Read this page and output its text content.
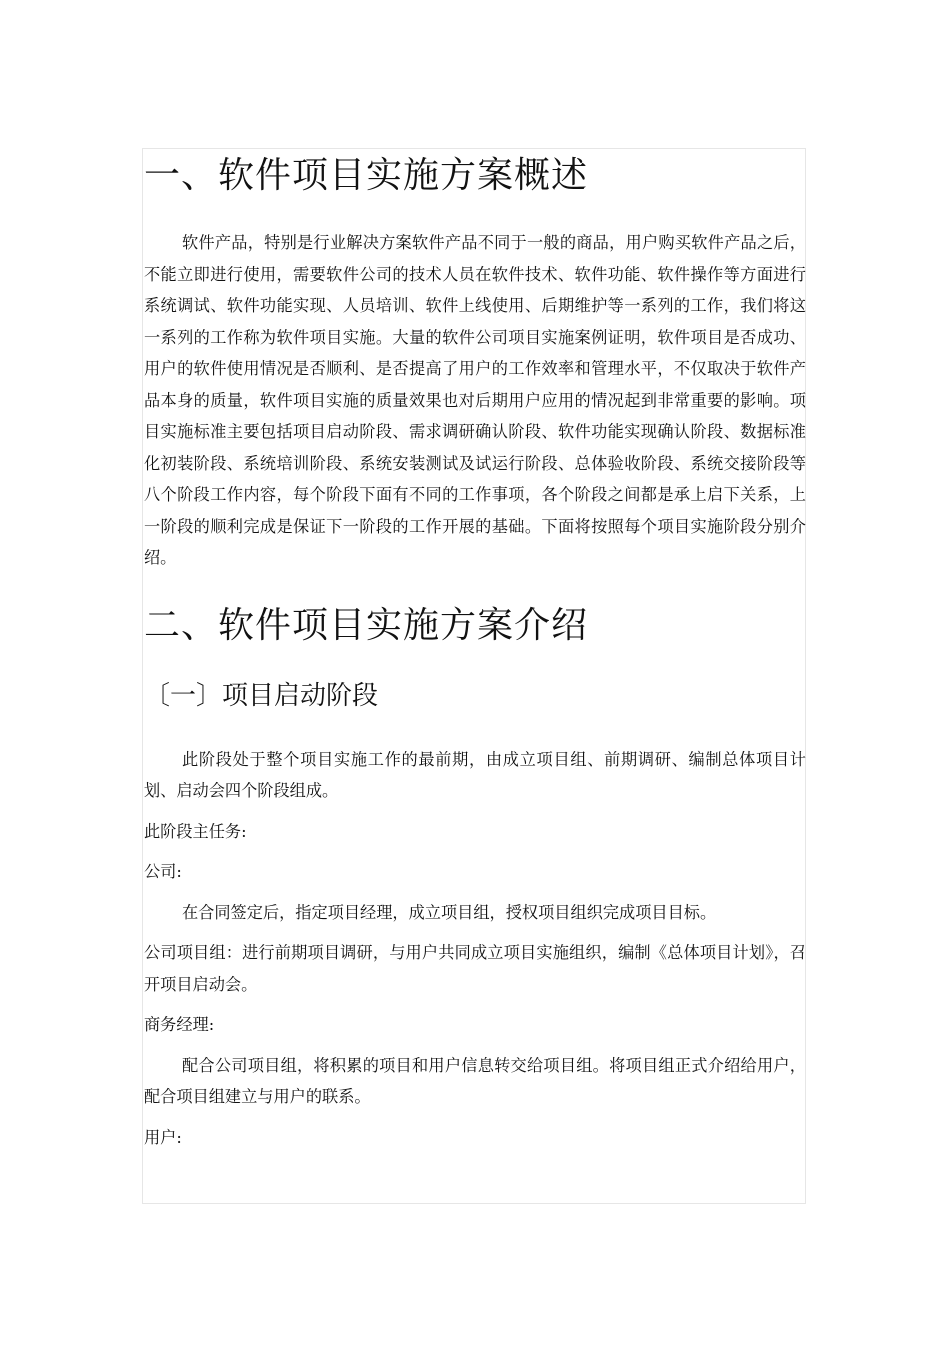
一、软件项目实施方案概述

软件产品，特别是行业解决方案软件产品不同于一般的商品，用户购买软件产品之后，不能立即进行使用，需要软件公司的技术人员在软件技术、软件功能、软件操作等方面进行系统调试、软件功能实现、人员培训、软件上线使用、后期维护等一系列的工作，我们将这一系列的工作称为软件项目实施。大量的软件公司项目实施案例证明，软件项目是否成功、用户的软件使用情况是否顺利、是否提高了用户的工作效率和管理水平，不仅取决于软件产品本身的质量，软件项目实施的质量效果也对后期用户应用的情况起到非常重要的影响。项目实施标准主要包括项目启动阶段、需求调研确认阶段、软件功能实现确认阶段、数据标准化初装阶段、系统培训阶段、系统安装测试及试运行阶段、总体验收阶段、系统交接阶段等八个阶段工作内容，每个阶段下面有不同的工作事项，各个阶段之间都是承上启下关系，上一阶段的顺利完成是保证下一阶段的工作开展的基础。下面将按照每个项目实施阶段分别介绍。

二、软件项目实施方案介绍
〔一〕项目启动阶段

此阶段处于整个项目实施工作的最前期，由成立项目组、前期调研、编制总体项目计划、启动会四个阶段组成。

此阶段主任务:

公司:

在合同签定后，指定项目经理，成立项目组，授权项目组织完成项目目标。

公司项目组：进行前期项目调研，与用户共同成立项目实施组织，编制《总体项目计划》，召开项目启动会。

商务经理:

配合公司项目组，将积累的项目和用户信息转交给项目组。将项目组正式介绍给用户，配合项目组建立与用户的联系。

用户:
